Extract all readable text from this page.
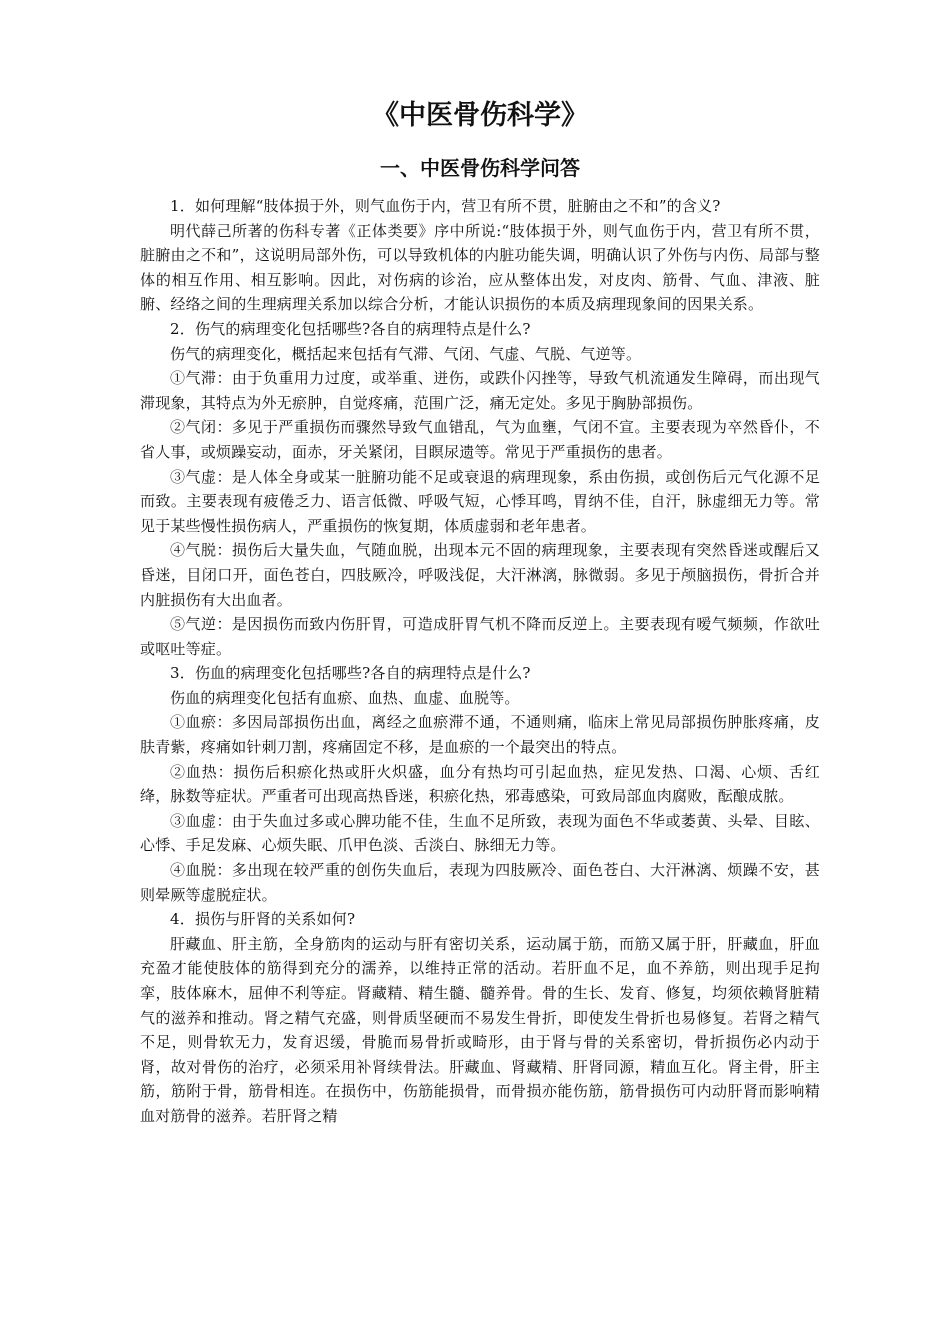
《中医骨伤科学》
一、中医骨伤科学问答

1．如何理解“肢体损于外，则气血伤于内，营卫有所不贯，脏腑由之不和”的含义?

明代薛己所著的伤科专著《正体类要》序中所说:“肢体损于外，则气血伤于内，营卫有所不贯，脏腑由之不和”，这说明局部外伤，可以导致机体的内脏功能失调，明确认识了外伤与内伤、局部与整体的相互作用、相互影响。因此，对伤病的诊治，应从整体出发，对皮肉、筋骨、气血、津液、脏腑、经络之间的生理病理关系加以综合分析，才能认识损伤的本质及病理现象间的因果关系。

2．伤气的病理变化包括哪些?各自的病理特点是什么?

伤气的病理变化，概括起来包括有气滞、气闭、气虚、气脱、气逆等。

①气滞：由于负重用力过度，或举重、迸伤，或跌仆闪挫等，导致气机流通发生障碍，而出现气滞现象，其特点为外无瘀肿，自觉疼痛，范围广泛，痛无定处。多见于胸胁部损伤。

②气闭：多见于严重损伤而骤然导致气血错乱，气为血壅，气闭不宣。主要表现为卒然昏仆，不省人事，或烦躁妄动，面赤，牙关紧闭，目瞑尿遗等。常见于严重损伤的患者。

③气虚：是人体全身或某一脏腑功能不足或衰退的病理现象，系由伤损，或创伤后元气化源不足而致。主要表现有疲倦乏力、语言低微、呼吸气短，心悸耳鸣，胃纳不佳，自汗，脉虚细无力等。常见于某些慢性损伤病人，严重损伤的恢复期，体质虚弱和老年患者。

④气脱：损伤后大量失血，气随血脱，出现本元不固的病理现象，主要表现有突然昏迷或醒后又昏迷，目闭口开，面色苍白，四肢厥冷，呼吸浅促，大汗淋漓，脉微弱。多见于颅脑损伤，骨折合并内脏损伤有大出血者。

⑤气逆：是因损伤而致内伤肝胃，可造成肝胃气机不降而反逆上。主要表现有嗳气频频，作欲吐或呕吐等症。

3．伤血的病理变化包括哪些?各自的病理特点是什么?

伤血的病理变化包括有血瘀、血热、血虚、血脱等。

①血瘀：多因局部损伤出血，离经之血瘀滞不通，不通则痛，临床上常见局部损伤肿胀疼痛，皮肤青紫，疼痛如针刺刀割，疼痛固定不移，是血瘀的一个最突出的特点。

②血热：损伤后积瘀化热或肝火炽盛，血分有热均可引起血热，症见发热、口渴、心烦、舌红绛，脉数等症状。严重者可出现高热昏迷，积瘀化热，邪毒感染，可致局部血肉腐败，酝酿成脓。

③血虚：由于失血过多或心脾功能不佳，生血不足所致，表现为面色不华或萎黄、头晕、目眩、心悸、手足发麻、心烦失眠、爪甲色淡、舌淡白、脉细无力等。

④血脱：多出现在较严重的创伤失血后，表现为四肢厥冷、面色苍白、大汗淋漓、烦躁不安，甚则晕厥等虚脱症状。

4．损伤与肝肾的关系如何?

肝藏血、肝主筋，全身筋肉的运动与肝有密切关系，运动属于筋，而筋又属于肝，肝藏血，肝血充盈才能使肢体的筋得到充分的濡养，以维持正常的活动。若肝血不足，血不养筋，则出现手足拘挛，肢体麻木，屈伸不利等症。肾藏精、精生髓、髓养骨。骨的生长、发育、修复，均须依赖肾脏精气的滋养和推动。肾之精气充盛，则骨质坚硬而不易发生骨折，即使发生骨折也易修复。若肾之精气不足，则骨软无力，发育迟缓，骨脆而易骨折或畸形，由于肾与骨的关系密切，骨折损伤必内动于肾，故对骨伤的治疗，必须采用补肾续骨法。肝藏血、肾藏精、肝肾同源，精血互化。肾主骨，肝主筋，筋附于骨，筋骨相连。在损伤中，伤筋能损骨，而骨损亦能伤筋，筋骨损伤可内动肝肾而影响精血对筋骨的滋养。若肝肾之精
